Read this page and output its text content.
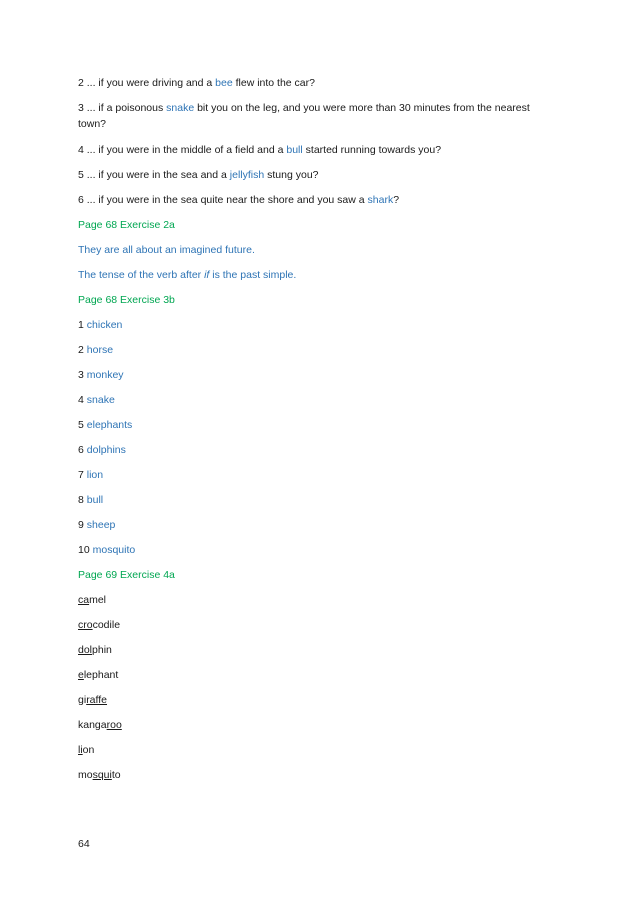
2 ... if you were driving and a bee flew into the car?
3 ... if a poisonous snake bit you on the leg, and you were more than 30 minutes from the nearest town?
4 ... if you were in the middle of a field and a bull started running towards you?
5 ... if you were in the sea and a jellyfish stung you?
6 ... if you were in the sea quite near the shore and you saw a shark?
Page 68 Exercise 2a
They are all about an imagined future.
The tense of the verb after if is the past simple.
Page 68 Exercise 3b
1 chicken
2 horse
3 monkey
4 snake
5 elephants
6 dolphins
7 lion
8 bull
9 sheep
10 mosquito
Page 69 Exercise 4a
camel
crocodile
dolphin
elephant
giraffe
kangaroo
lion
mosquito
64
